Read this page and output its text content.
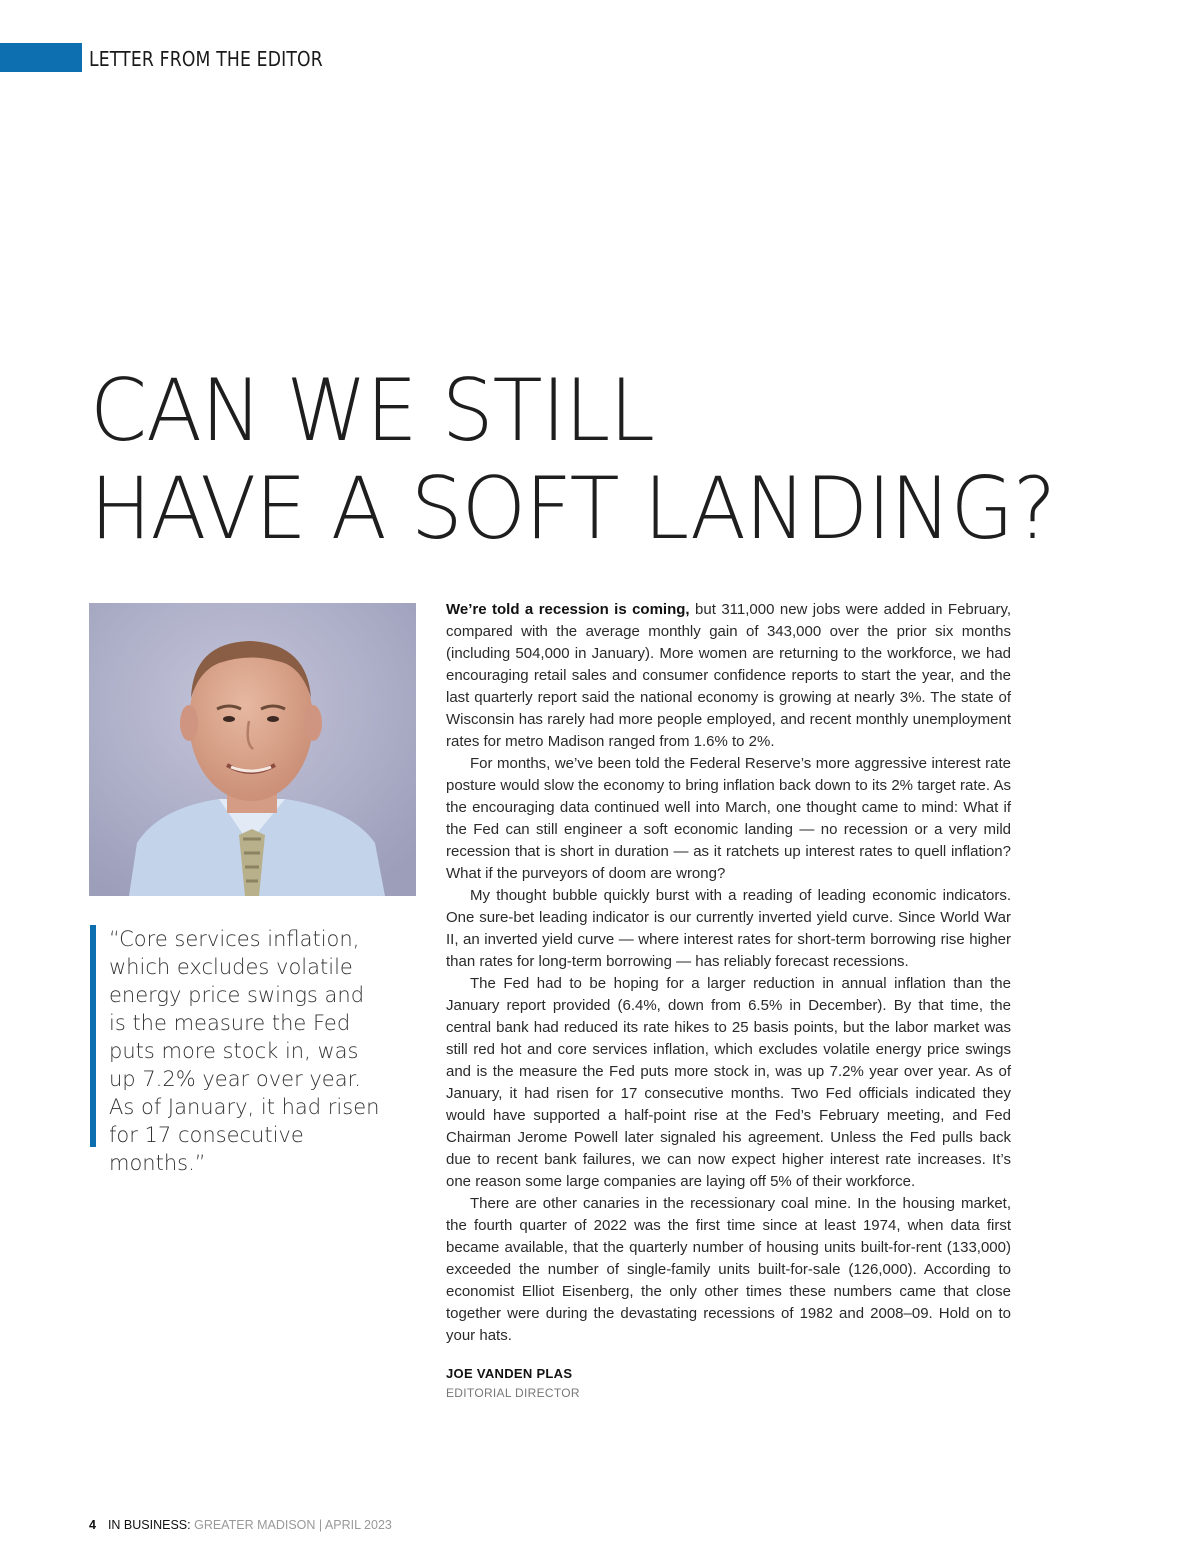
LETTER FROM THE EDITOR
CAN WE STILL
HAVE A SOFT LANDING?

“Core services inflation, which excludes volatile energy price swings and is the measure the Fed puts more stock in, was up 7.2% year over year. As of January, it had risen for 17 consecutive months.”

We’re told a recession is coming, but 311,000 new jobs were added in February, compared with the average monthly gain of 343,000 over the prior six months (including 504,000 in January). More women are returning to the workforce, we had encouraging retail sales and consumer confidence reports to start the year, and the last quarterly report said the national economy is growing at nearly 3%. The state of Wisconsin has rarely had more people employed, and recent monthly unemployment rates for metro Madison ranged from 1.6% to 2%.

For months, we’ve been told the Federal Reserve’s more aggressive interest rate posture would slow the economy to bring inflation back down to its 2% target rate. As the encouraging data continued well into March, one thought came to mind: What if the Fed can still engineer a soft economic landing — no recession or a very mild recession that is short in duration — as it ratchets up interest rates to quell inflation? What if the purveyors of doom are wrong?

My thought bubble quickly burst with a reading of leading economic indicators. One sure-bet leading indicator is our currently inverted yield curve. Since World War II, an inverted yield curve — where interest rates for short-term borrowing rise higher than rates for long-term borrowing — has reliably forecast recessions.

The Fed had to be hoping for a larger reduction in annual inflation than the January report provided (6.4%, down from 6.5% in December). By that time, the central bank had reduced its rate hikes to 25 basis points, but the labor market was still red hot and core services inflation, which excludes volatile energy price swings and is the measure the Fed puts more stock in, was up 7.2% year over year. As of January, it had risen for 17 consecutive months. Two Fed officials indicated they would have supported a half-point rise at the Fed’s February meeting, and Fed Chairman Jerome Powell later signaled his agreement. Unless the Fed pulls back due to recent bank failures, we can now expect higher interest rate increases. It’s one reason some large companies are laying off 5% of their workforce.

There are other canaries in the recessionary coal mine. In the housing market, the fourth quarter of 2022 was the first time since at least 1974, when data first became available, that the quarterly number of housing units built-for-rent (133,000) exceeded the number of single-family units built-for-sale (126,000). According to economist Elliot Eisenberg, the only other times these numbers came that close together were during the devastating recessions of 1982 and 2008–09. Hold on to your hats.

JOE VANDEN PLAS
EDITORIAL DIRECTOR
4 IN BUSINESS: GREATER MADISON | APRIL 2023
